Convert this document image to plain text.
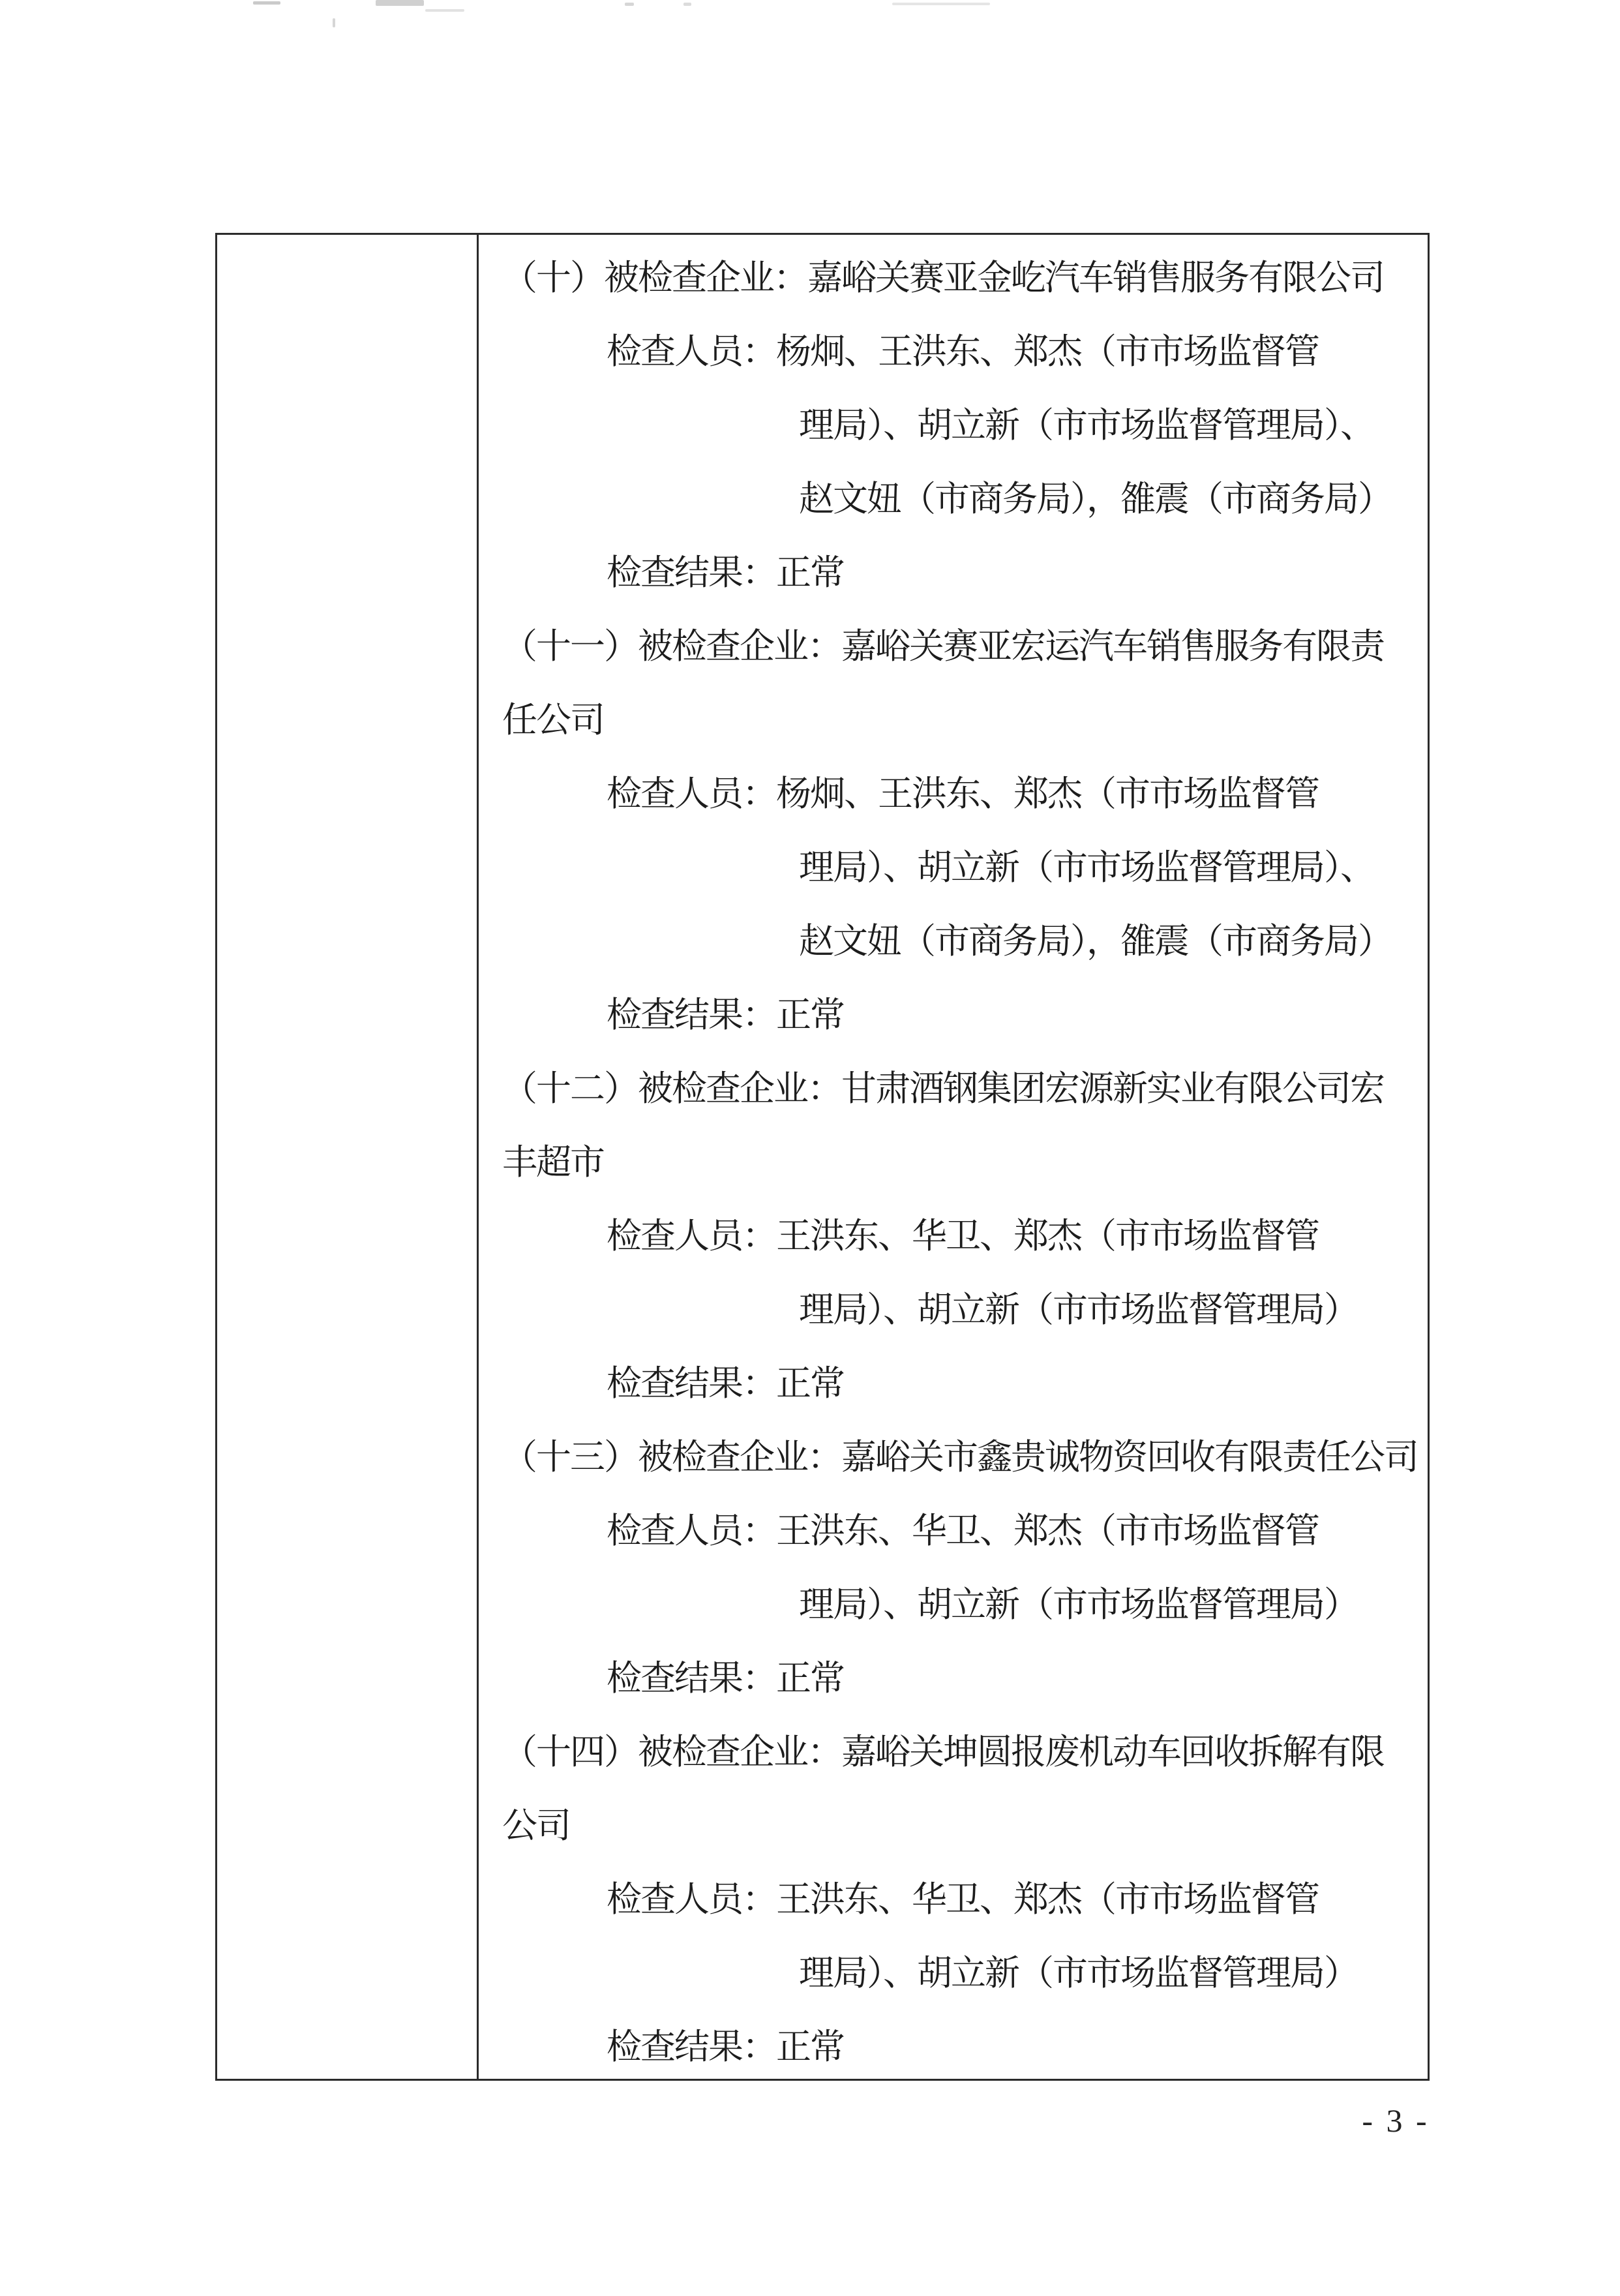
（十）被检查企业：嘉峪关赛亚金屹汽车销售服务有限公司
检查人员：杨炯、王洪东、郑杰（市市场监督管
理局）、胡立新（市市场监督管理局）、
赵文妞（市商务局），雒震（市商务局）
检查结果：正常
（十一）被检查企业：嘉峪关赛亚宏运汽车销售服务有限责
任公司
检查人员：杨炯、王洪东、郑杰（市市场监督管
理局）、胡立新（市市场监督管理局）、
赵文妞（市商务局），雒震（市商务局）
检查结果：正常
（十二）被检查企业：甘肃酒钢集团宏源新实业有限公司宏
丰超市
检查人员：王洪东、华卫、郑杰（市市场监督管
理局）、胡立新（市市场监督管理局）
检查结果：正常
（十三）被检查企业：嘉峪关市鑫贵诚物资回收有限责任公司
检查人员：王洪东、华卫、郑杰（市市场监督管
理局）、胡立新（市市场监督管理局）
检查结果：正常
（十四）被检查企业：嘉峪关坤圆报废机动车回收拆解有限
公司
检查人员：王洪东、华卫、郑杰（市市场监督管
理局）、胡立新（市市场监督管理局）
检查结果：正常
- 3 -
